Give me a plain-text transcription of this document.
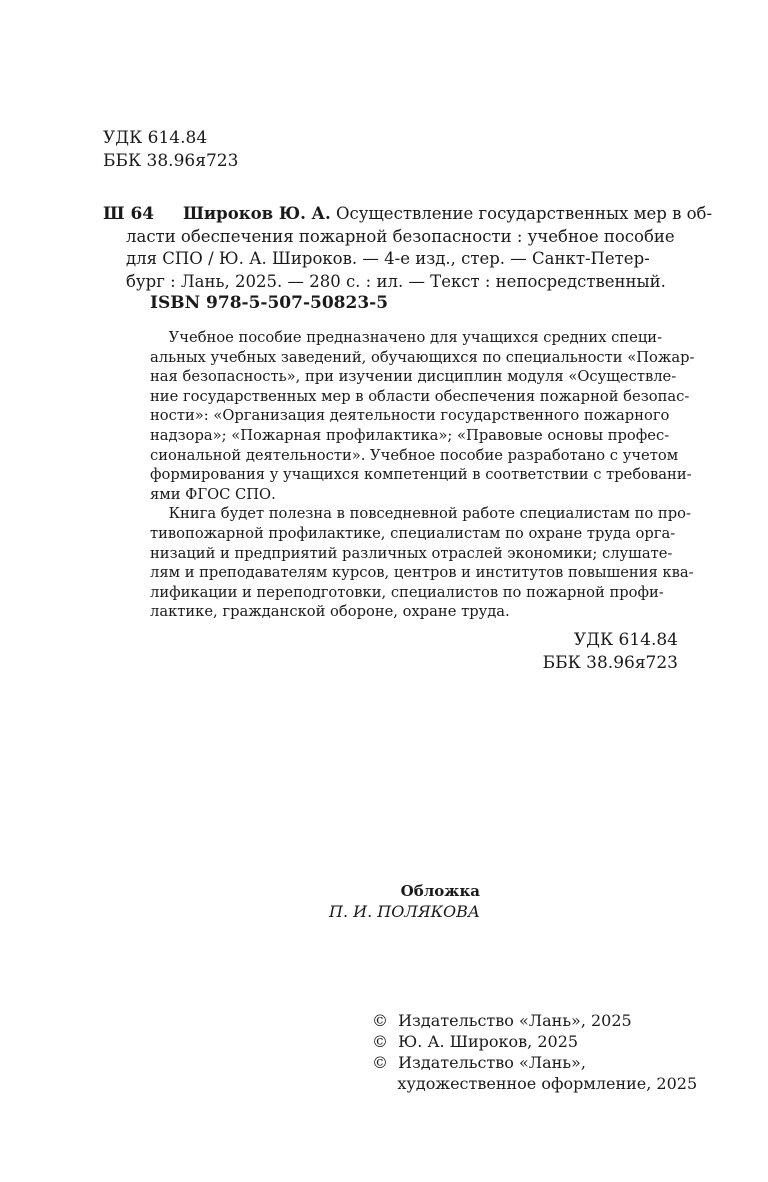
УДК 614.84
ББК 38.96я723
Ш 64	Широков Ю. А. Осуществление государственных мер в об-
ласти обеспечения пожарной безопасности : учебное пособие
для СПО / Ю. А. Широков. — 4-е изд., стер. — Санкт-Петер-
бург : Лань, 2025. — 280 с. : ил. — Текст : непосредственный.
ISBN 978-5-507-50823-5
Учебное пособие предназначено для учащихся средних специ-
альных учебных заведений, обучающихся по специальности «Пожар-
ная безопасность», при изучении дисциплин модуля «Осуществле-
ние государственных мер в области обеспечения пожарной безопас-
ности»: «Организация деятельности государственного пожарного
надзора»; «Пожарная профилактика»; «Правовые основы профес-
сиональной деятельности». Учебное пособие разработано с учетом
формирования у учащихся компетенций в соответствии с требовани-
ями ФГОС СПО.
Книга будет полезна в повседневной работе специалистам по про-
тивопожарной профилактике, специалистам по охране труда орга-
низаций и предприятий различных отраслей экономики; слушате-
лям и преподавателям курсов, центров и институтов повышения ква-
лификации и переподготовки, специалистов по пожарной профи-
лактике, гражданской обороне, охране труда.
УДК 614.84
ББК 38.96я723
Обложка
П. И. ПОЛЯКОВА
©  Издательство «Лань», 2025
©  Ю. А. Широков, 2025
©  Издательство «Лань»,
художественное оформление, 2025
